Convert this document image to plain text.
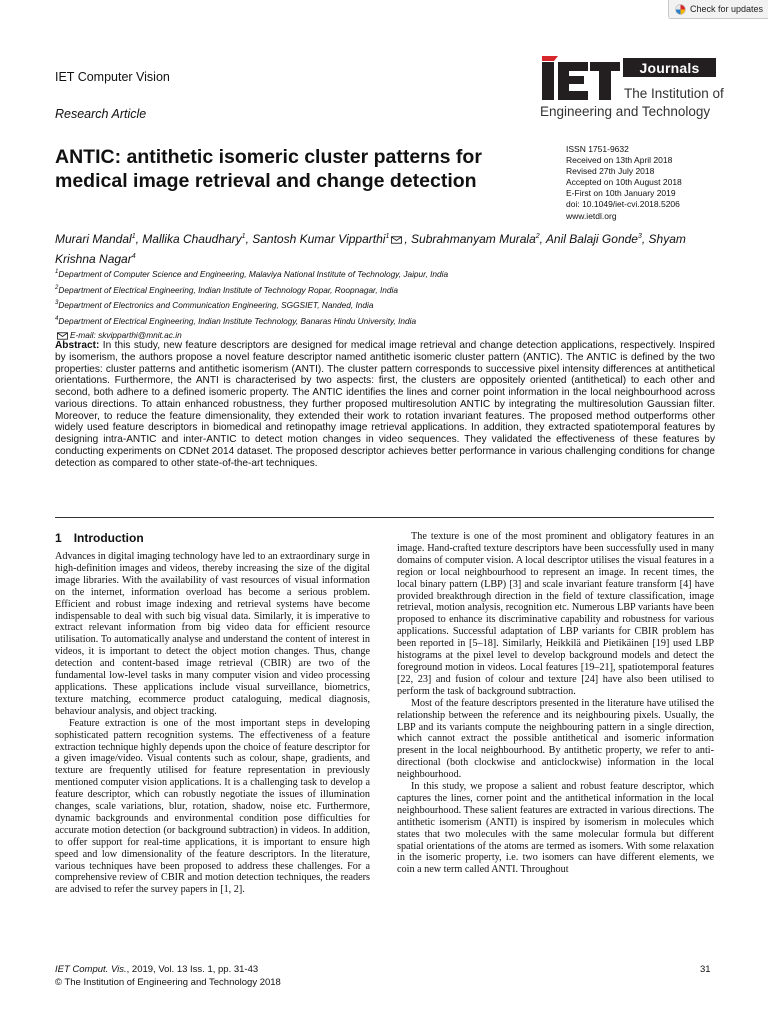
Check for updates
IET Computer Vision
Research Article
Journals
The Institution of
Engineering and Technology
ANTIC: antithetic isomeric cluster patterns for
medical image retrieval and change detection
ISSN 1751-9632
Received on 13th April 2018
Revised 27th July 2018
Accepted on 10th August 2018
E-First on 10th January 2019
doi: 10.1049/iet-cvi.2018.5206
www.ietdl.org
Murari Mandal$^1$, Mallika Chaudhary$^1$, Santosh Kumar Vipparthi$^1$ , Subrahmanyam Murala$^2$, Anil Balaji Gonde$^3$, Shyam Krishna Nagar$^4$
$^1$Department of Computer Science and Engineering, Malaviya National Institute of Technology, Jaipur, India
$^2$Department of Electrical Engineering, Indian Institute of Technology Ropar, Roopnagar, India
$^3$Department of Electronics and Communication Engineering, SGGSIET, Nanded, India
$^4$Department of Electrical Engineering, Indian Institute Technology, Banaras Hindu University, India
E-mail: skvipparthi@mnit.ac.in

Abstract: In this study, new feature descriptors are designed for medical image retrieval and change detection applications, respectively. Inspired by isomerism, the authors propose a novel feature descriptor named antithetic isomeric cluster pattern (ANTIC). The ANTIC is defined by the two properties: cluster patterns and antithetic isomerism (ANTI). The cluster pattern corresponds to successive pixel intensity differences at antithetical orientations. Furthermore, the ANTI is characterised by two aspects: first, the clusters are oppositely oriented (antithetical) to each other and second, both adhere to a defined isomeric property. The ANTIC identifies the lines and corner point information in the local neighbourhood across various directions. To attain enhanced robustness, they further proposed multiresolution ANTIC by integrating the multiresolution Gaussian filter. Moreover, to reduce the feature dimensionality, they extended their work to rotation invariant features. The proposed method outperforms other widely used feature descriptors in biomedical and retinopathy image retrieval applications. In addition, they extracted spatiotemporal features by designing intra-ANTIC and inter-ANTIC to detect motion changes in video sequences. They validated the effectiveness of these features by conducting experiments on CDNet 2014 dataset. The proposed descriptor achieves better performance in various challenging conditions for change detection as compared to other state-of-the-art techniques.

1 Introduction

Advances in digital imaging technology have led to an extraordinary surge in high-definition images and videos, thereby increasing the size of the digital image libraries. With the availability of vast resources of visual information on the internet, information overload has become a serious problem. Efficient and robust image indexing and retrieval systems have become indispensable to deal with such big visual data. Similarly, it is imperative to extract relevant information from big video data for efficient resource utilisation. To automatically analyse and understand the content of interest in videos, it is important to detect the object motion changes. Thus, change detection and content-based image retrieval (CBIR) are two of the fundamental low-level tasks in many computer vision and video processing applications. These applications include visual surveillance, biometrics, texture matching, ecommerce product cataloguing, medical diagnosis, behaviour analysis, and object tracking.

Feature extraction is one of the most important steps in developing sophisticated pattern recognition systems. The effectiveness of a feature extraction technique highly depends upon the choice of feature descriptor for a given image/video. Visual contents such as colour, shape, gradients, and texture are frequently utilised for feature representation in previously mentioned computer vision applications. It is a challenging task to develop a feature descriptor, which can robustly negotiate the issues of illumination changes, scale variations, blur, rotation, shadow, noise etc. Furthermore, dynamic backgrounds and environmental condition pose difficulties for accurate motion detection (or background subtraction) in videos. In addition, to offer support for real-time applications, it is important to ensure high speed and low dimensionality of the feature descriptors. In the literature, various techniques have been proposed to address these challenges. For a comprehensive review of CBIR and motion detection techniques, the readers are advised to refer the survey papers in [1, 2].

The texture is one of the most prominent and obligatory features in an image. Hand-crafted texture descriptors have been successfully used in many domains of computer vision. A local descriptor utilises the visual features in a region or local neighbourhood to represent an image. In recent times, the local binary pattern (LBP) [3] and scale invariant feature transform [4] have provided breakthrough direction in the field of texture classification, image retrieval, motion analysis, recognition etc. Numerous LBP variants have been proposed to enhance its discriminative capability and robustness for various applications. Successful adaptation of LBP variants for CBIR problem has been reported in [5–18]. Similarly, Heikkilä and Pietikäinen [19] used LBP histograms at the pixel level to develop background models and detect the foreground motion in videos. Local features [19–21], spatiotemporal features [22, 23] and fusion of colour and texture [24] have also been utilised to perform the task of background subtraction.

Most of the feature descriptors presented in the literature have utilised the relationship between the reference and its neighbouring pixels. Usually, the LBP and its variants compute the neighbouring pattern in a single direction, which cannot extract the possible antithetical and isomeric information present in the local neighbourhood. By antithetic property, we refer to anti-directional (both clockwise and anticlockwise) information in the local neighbourhood.

In this study, we propose a salient and robust feature descriptor, which captures the lines, corner point and the antithetical information in the local neighbourhood. These salient features are extracted in various directions. The antithetic isomerism (ANTI) is inspired by isomerism in molecules which states that two molecules with the same molecular formula but different spatial orientations of the atoms are termed as isomers. With some relaxation in the isomeric property, i.e. two isomers can have different elements, we coin a new term called ANTI. Throughout

IET Comput. Vis., 2019, Vol. 13 Iss. 1, pp. 31-43
© The Institution of Engineering and Technology 2018
31
